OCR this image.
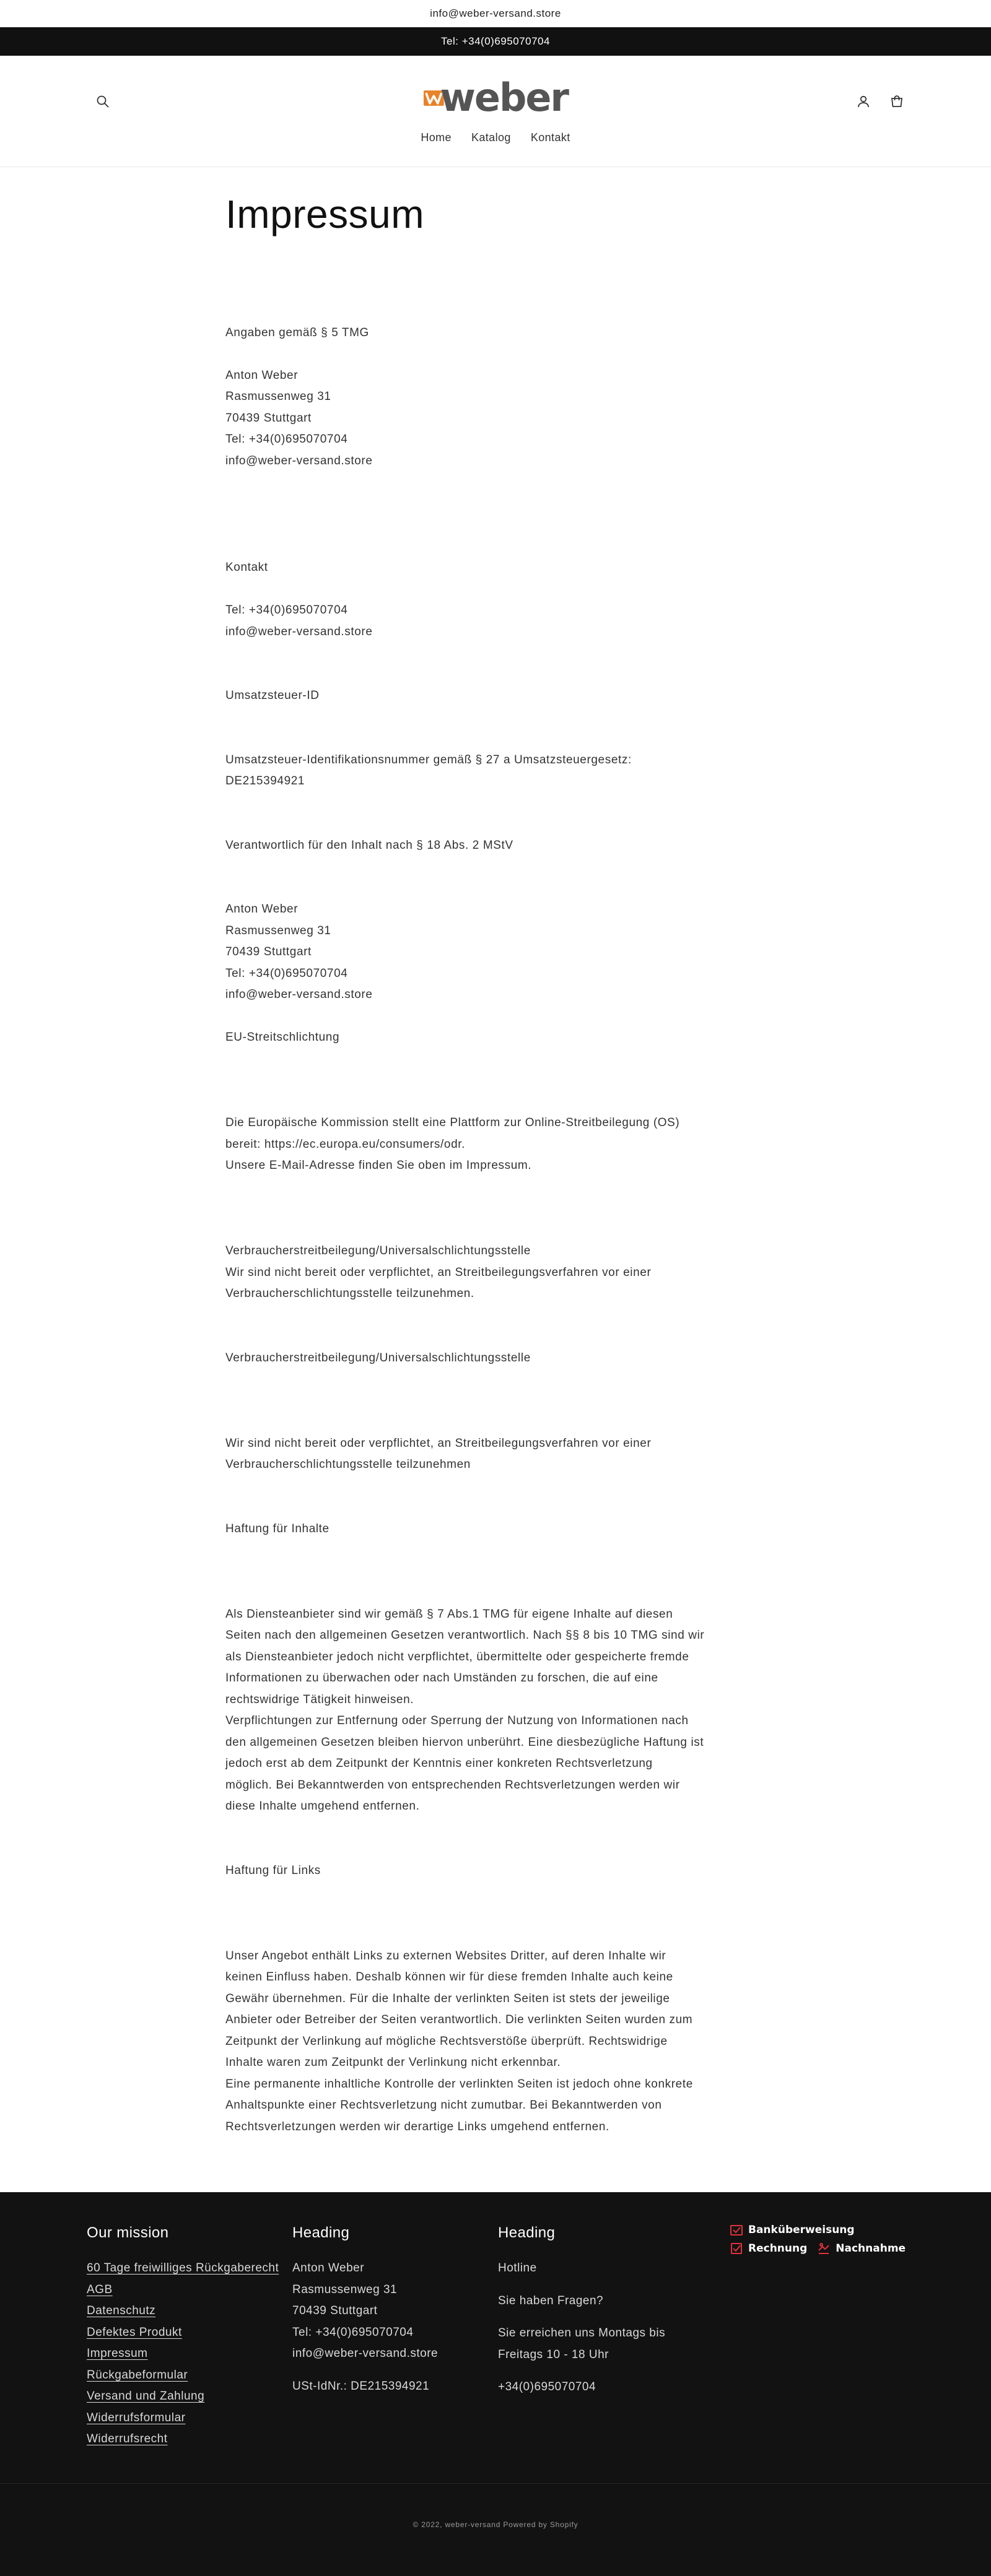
info@weber-versand.store
Tel: +34(0)695070704
weber
Home	Katalog	Kontakt
Impressum

Angaben gemäß § 5 TMG

Anton Weber

Rasmussenweg 31

70439 Stuttgart

Tel: +34(0)695070704

info@weber-versand.store

Kontakt

Tel: +34(0)695070704

info@weber-versand.store

Umsatzsteuer-ID

Umsatzsteuer-Identifikationsnummer gemäß § 27 a Umsatzsteuergesetz:

DE215394921

Verantwortlich für den Inhalt nach § 18 Abs. 2 MStV

Anton Weber

Rasmussenweg 31

70439 Stuttgart

Tel: +34(0)695070704

info@weber-versand.store

EU-Streitschlichtung

Die Europäische Kommission stellt eine Plattform zur Online-Streitbeilegung (OS)

bereit: https://ec.europa.eu/consumers/odr.

Unsere E-Mail-Adresse finden Sie oben im Impressum.

Verbraucherstreitbeilegung/Universalschlichtungsstelle

Wir sind nicht bereit oder verpflichtet, an Streitbeilegungsverfahren vor einer

Verbraucherschlichtungsstelle teilzunehmen.

Verbraucherstreitbeilegung/Universalschlichtungsstelle

Wir sind nicht bereit oder verpflichtet, an Streitbeilegungsverfahren vor einer

Verbraucherschlichtungsstelle teilzunehmen

Haftung für Inhalte

Als Diensteanbieter sind wir gemäß § 7 Abs.1 TMG für eigene Inhalte auf diesen

Seiten nach den allgemeinen Gesetzen verantwortlich. Nach §§ 8 bis 10 TMG sind wir

als Diensteanbieter jedoch nicht verpflichtet, übermittelte oder gespeicherte fremde

Informationen zu überwachen oder nach Umständen zu forschen, die auf eine

rechtswidrige Tätigkeit hinweisen.

Verpflichtungen zur Entfernung oder Sperrung der Nutzung von Informationen nach

den allgemeinen Gesetzen bleiben hiervon unberührt. Eine diesbezügliche Haftung ist

jedoch erst ab dem Zeitpunkt der Kenntnis einer konkreten Rechtsverletzung

möglich. Bei Bekanntwerden von entsprechenden Rechtsverletzungen werden wir

diese Inhalte umgehend entfernen.

Haftung für Links

Unser Angebot enthält Links zu externen Websites Dritter, auf deren Inhalte wir

keinen Einfluss haben. Deshalb können wir für diese fremden Inhalte auch keine

Gewähr übernehmen. Für die Inhalte der verlinkten Seiten ist stets der jeweilige

Anbieter oder Betreiber der Seiten verantwortlich. Die verlinkten Seiten wurden zum

Zeitpunkt der Verlinkung auf mögliche Rechtsverstöße überprüft. Rechtswidrige

Inhalte waren zum Zeitpunkt der Verlinkung nicht erkennbar.

Eine permanente inhaltliche Kontrolle der verlinkten Seiten ist jedoch ohne konkrete

Anhaltspunkte einer Rechtsverletzung nicht zumutbar. Bei Bekanntwerden von

Rechtsverletzungen werden wir derartige Links umgehend entfernen.

Our mission
60 Tage freiwilliges Rückgaberecht
AGB
Datenschutz
Defektes Produkt
Impressum
Rückgabeformular
Versand und Zahlung
Widerrufsformular
Widerrufsrecht
Heading
Anton Weber
Rasmussenweg 31
70439 Stuttgart
Tel: +34(0)695070704
info@weber-versand.store
USt-IdNr.: DE215394921
Heading
Hotline
Sie haben Fragen?
Sie erreichen uns Montags bis
Freitags 10 - 18 Uhr
+34(0)695070704
Banküberweisung
Rechnung	Nachnahme
© 2022, weber-versand Powered by Shopify
